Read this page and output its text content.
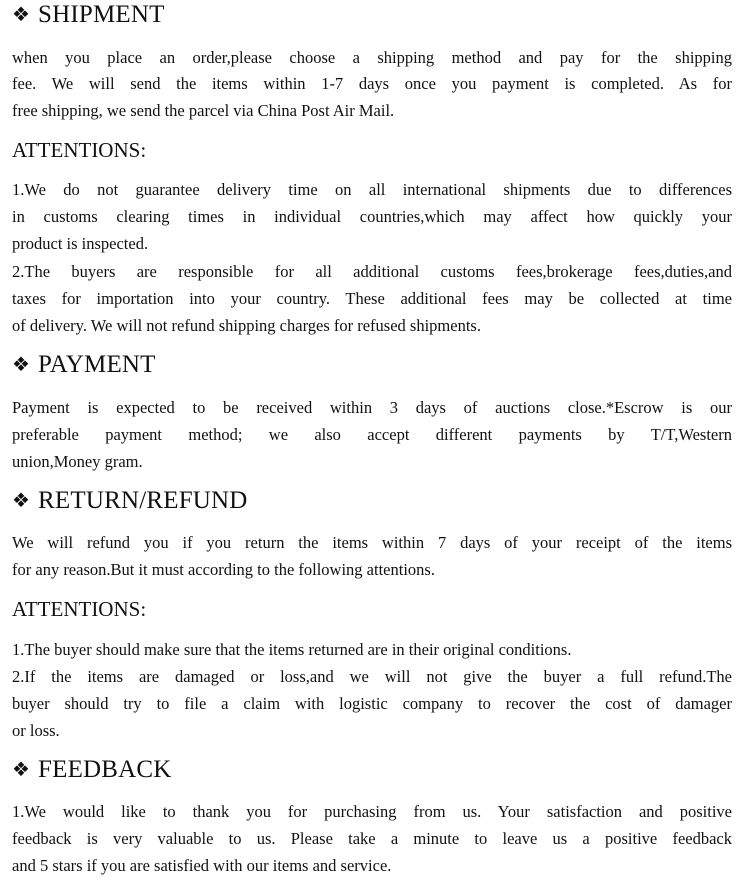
❖ SHIPMENT
when you place an order,please choose a shipping method and pay for the shipping
fee. We will send the items within 1-7 days once you payment is completed. As for
free shipping, we send the parcel via China Post Air Mail.
ATTENTIONS:
1.We do not guarantee delivery time on all international shipments due to differences
in customs clearing times in individual countries,which may affect how quickly your
product is inspected.
2.The buyers are responsible for all additional customs fees,brokerage fees,duties,and
taxes for importation into your country. These additional fees may be collected at time
of delivery. We will not refund shipping charges for refused shipments.
❖ PAYMENT
Payment is expected to be received within 3 days of auctions close.*Escrow is our
preferable payment method; we also accept different payments by T/T,Western
union,Money gram.
❖ RETURN/REFUND
We will refund you if you return the items within 7 days of your receipt of the items
for any reason.But it must according to the following attentions.
ATTENTIONS:
1.The buyer should make sure that the items returned are in their original conditions.
2.If the items are damaged or loss,and we will not give the buyer a full refund.The
buyer should try to file a claim with logistic company to recover the cost of damager
or loss.
❖ FEEDBACK
1.We would like to thank you for purchasing from us. Your satisfaction and positive
feedback is very valuable to us. Please take a minute to leave us a positive feedback
and 5 stars if you are satisfied with our items and service.
